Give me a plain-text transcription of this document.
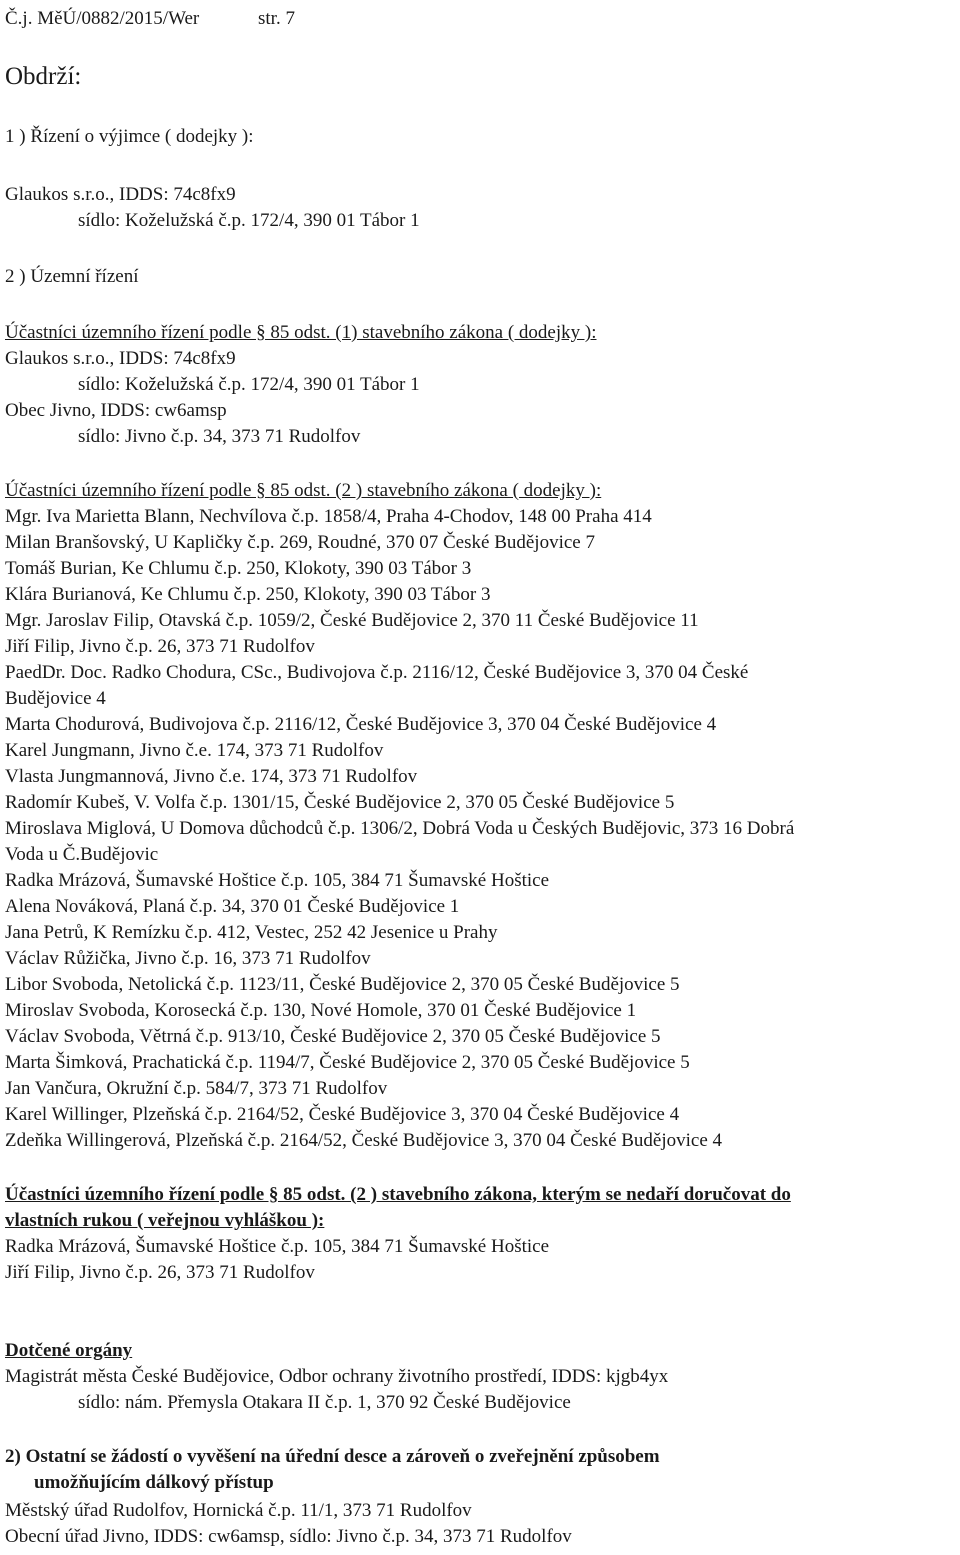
Č.j. MěÚ/0882/2015/Wer	str. 7
Obdrží:
1 ) Řízení o výjimce ( dodejky ):
Glaukos s.r.o., IDDS: 74c8fx9
sídlo: Koželužská č.p. 172/4, 390 01 Tábor 1
2 ) Územní řízení
Účastníci územního řízení podle § 85 odst. (1) stavebního zákona ( dodejky ):
Glaukos s.r.o., IDDS: 74c8fx9
sídlo: Koželužská č.p. 172/4, 390 01 Tábor 1
Obec Jivno, IDDS: cw6amsp
sídlo: Jivno č.p. 34, 373 71 Rudolfov
Účastníci územního řízení podle § 85 odst. (2 ) stavebního zákona ( dodejky ):
Mgr. Iva Marietta Blann, Nechvílova č.p. 1858/4, Praha 4-Chodov, 148 00 Praha 414
Milan Branšovský, U Kapličky č.p. 269, Roudné, 370 07 České Budějovice 7
Tomáš Burian, Ke Chlumu č.p. 250, Klokoty, 390 03 Tábor 3
Klára Burianová, Ke Chlumu č.p. 250, Klokoty, 390 03 Tábor 3
Mgr. Jaroslav Filip, Otavská č.p. 1059/2, České Budějovice 2, 370 11 České Budějovice 11
Jiří Filip, Jivno č.p. 26, 373 71 Rudolfov
PaedDr. Doc. Radko Chodura, CSc., Budivojova č.p. 2116/12, České Budějovice 3, 370 04 České
Budějovice 4
Marta Chodurová, Budivojova č.p. 2116/12, České Budějovice 3, 370 04 České Budějovice 4
Karel Jungmann, Jivno č.e. 174, 373 71 Rudolfov
Vlasta Jungmannová, Jivno č.e. 174, 373 71 Rudolfov
Radomír Kubeš, V. Volfa č.p. 1301/15, České Budějovice 2, 370 05 České Budějovice 5
Miroslava Miglová, U Domova důchodců č.p. 1306/2, Dobrá Voda u Českých Budějovic, 373 16 Dobrá
Voda u Č.Budějovic
Radka Mrázová, Šumavské Hoštice č.p. 105, 384 71 Šumavské Hoštice
Alena Nováková, Planá č.p. 34, 370 01 České Budějovice 1
Jana Petrů, K Remízku č.p. 412, Vestec, 252 42 Jesenice u Prahy
Václav Růžička, Jivno č.p. 16, 373 71 Rudolfov
Libor Svoboda, Netolická č.p. 1123/11, České Budějovice 2, 370 05 České Budějovice 5
Miroslav Svoboda, Korosecká č.p. 130, Nové Homole, 370 01 České Budějovice 1
Václav Svoboda, Větrná č.p. 913/10, České Budějovice 2, 370 05 České Budějovice 5
Marta Šimková, Prachatická č.p. 1194/7, České Budějovice 2, 370 05 České Budějovice 5
Jan Vančura, Okružní č.p. 584/7, 373 71 Rudolfov
Karel Willinger, Plzeňská č.p. 2164/52, České Budějovice 3, 370 04 České Budějovice 4
Zdeňka Willingerová, Plzeňská č.p. 2164/52, České Budějovice 3, 370 04 České Budějovice 4
Účastníci územního řízení podle § 85 odst. (2 ) stavebního zákona, kterým se nedaří doručovat do
vlastních rukou ( veřejnou vyhláškou ):
Radka Mrázová, Šumavské Hoštice č.p. 105, 384 71 Šumavské Hoštice
Jiří Filip, Jivno č.p. 26, 373 71 Rudolfov
Dotčené orgány
Magistrát města České Budějovice, Odbor ochrany životního prostředí, IDDS: kjgb4yx
sídlo: nám. Přemysla Otakara II č.p. 1, 370 92 České Budějovice
2) Ostatní se žádostí o vyvěšení na úřední desce a zároveň o zveřejnění způsobem
umožňujícím dálkový přístup
Městský úřad Rudolfov, Hornická č.p. 11/1, 373 71 Rudolfov
Obecní úřad Jivno, IDDS: cw6amsp, sídlo: Jivno č.p. 34, 373 71 Rudolfov
